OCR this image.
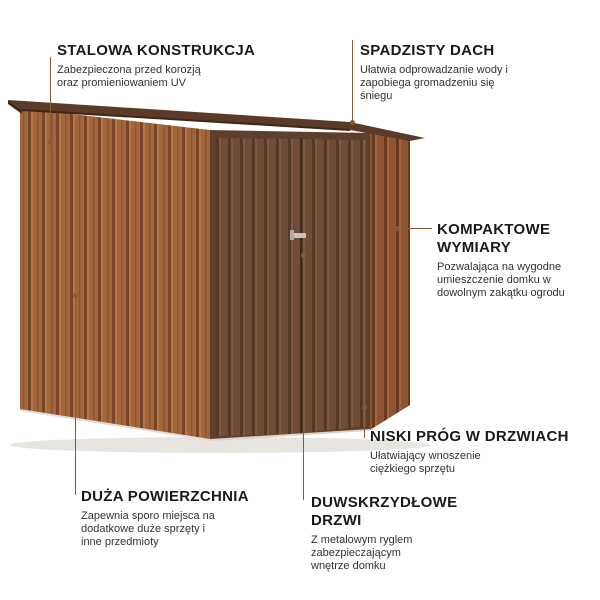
STALOWA KONSTRUKCJA
Zabezpieczona przed korozją
oraz promieniowaniem UV
SPADZISTY DACH
Ułatwia odprowadzanie wody i
zapobiega gromadzeniu się
śniegu
KOMPAKTOWE
WYMIARY
Pozwalająca na wygodne
umieszczenie domku w
dowolnym zakątku ogrodu
NISKI PRÓG W DRZWIACH
Ułatwiający wnoszenie
ciężkiego sprzętu
DUŻA POWIERZCHNIA
Zapewnia sporo miejsca na
dodatkowe duże sprzęty i
inne przedmioty
DUWSKRZYDŁOWE
DRZWI
Z metalowym ryglem
zabezpieczającym
wnętrze domku
